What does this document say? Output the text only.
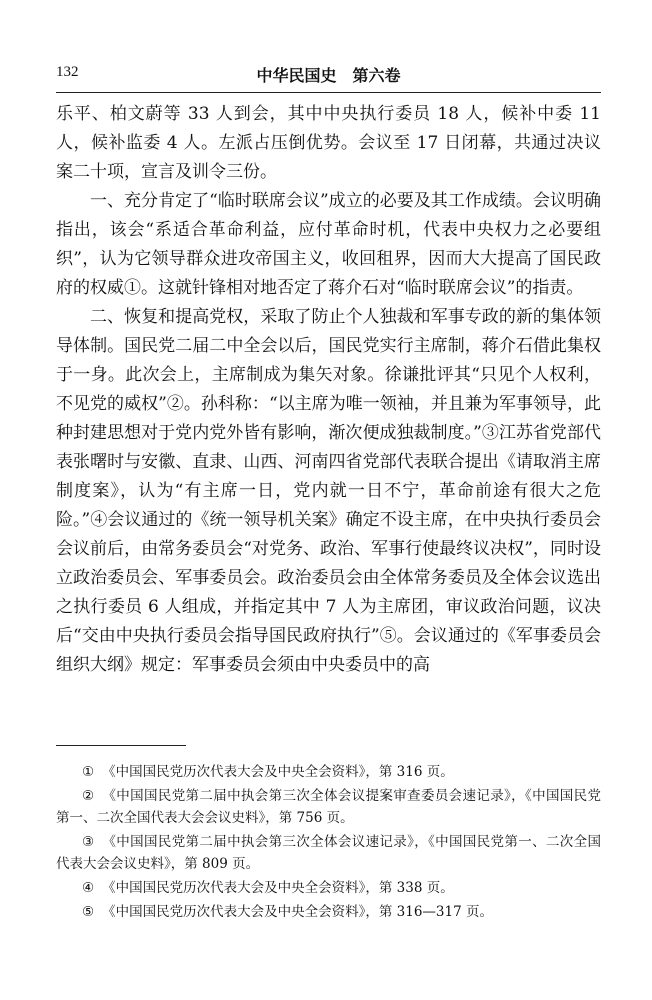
132	中华民国史　第六卷

乐平、柏文蔚等 33 人到会，其中中央执行委员 18 人，候补中委 11 人，候补监委 4 人。左派占压倒优势。会议至 17 日闭幕，共通过决议案二十项，宣言及训令三份。

一、充分肯定了“临时联席会议”成立的必要及其工作成绩。会议明确指出，该会“系适合革命利益，应付革命时机，代表中央权力之必要组织”，认为它领导群众进攻帝国主义，收回租界，因而大大提高了国民政府的权威①。这就针锋相对地否定了蒋介石对“临时联席会议”的指责。

二、恢复和提高党权，采取了防止个人独裁和军事专政的新的集体领导体制。国民党二届二中全会以后，国民党实行主席制，蒋介石借此集权于一身。此次会上，主席制成为集矢对象。徐谦批评其“只见个人权利，不见党的威权”②。孙科称：“以主席为唯一领袖，并且兼为军事领导，此种封建思想对于党内党外皆有影响，渐次便成独裁制度。”③江苏省党部代表张曙时与安徽、直隶、山西、河南四省党部代表联合提出《请取消主席制度案》，认为“有主席一日，党内就一日不宁，革命前途有很大之危险。”④会议通过的《统一领导机关案》确定不设主席，在中央执行委员会会议前后，由常务委员会“对党务、政治、军事行使最终议决权”，同时设立政治委员会、军事委员会。政治委员会由全体常务委员及全体会议选出之执行委员 6 人组成，并指定其中 7 人为主席团，审议政治问题，议决后“交由中央执行委员会指导国民政府执行”⑤。会议通过的《军事委员会组织大纲》规定：军事委员会须由中央委员中的高

① 《中国国民党历次代表大会及中央全会资料》，第 316 页。

② 《中国国民党第二届中执会第三次全体会议提案审查委员会速记录》，《中国国民党第一、二次全国代表大会会议史料》，第 756 页。

③ 《中国国民党第二届中执会第三次全体会议速记录》，《中国国民党第一、二次全国代表大会会议史料》，第 809 页。

④ 《中国国民党历次代表大会及中央全会资料》，第 338 页。

⑤ 《中国国民党历次代表大会及中央全会资料》，第 316—317 页。
